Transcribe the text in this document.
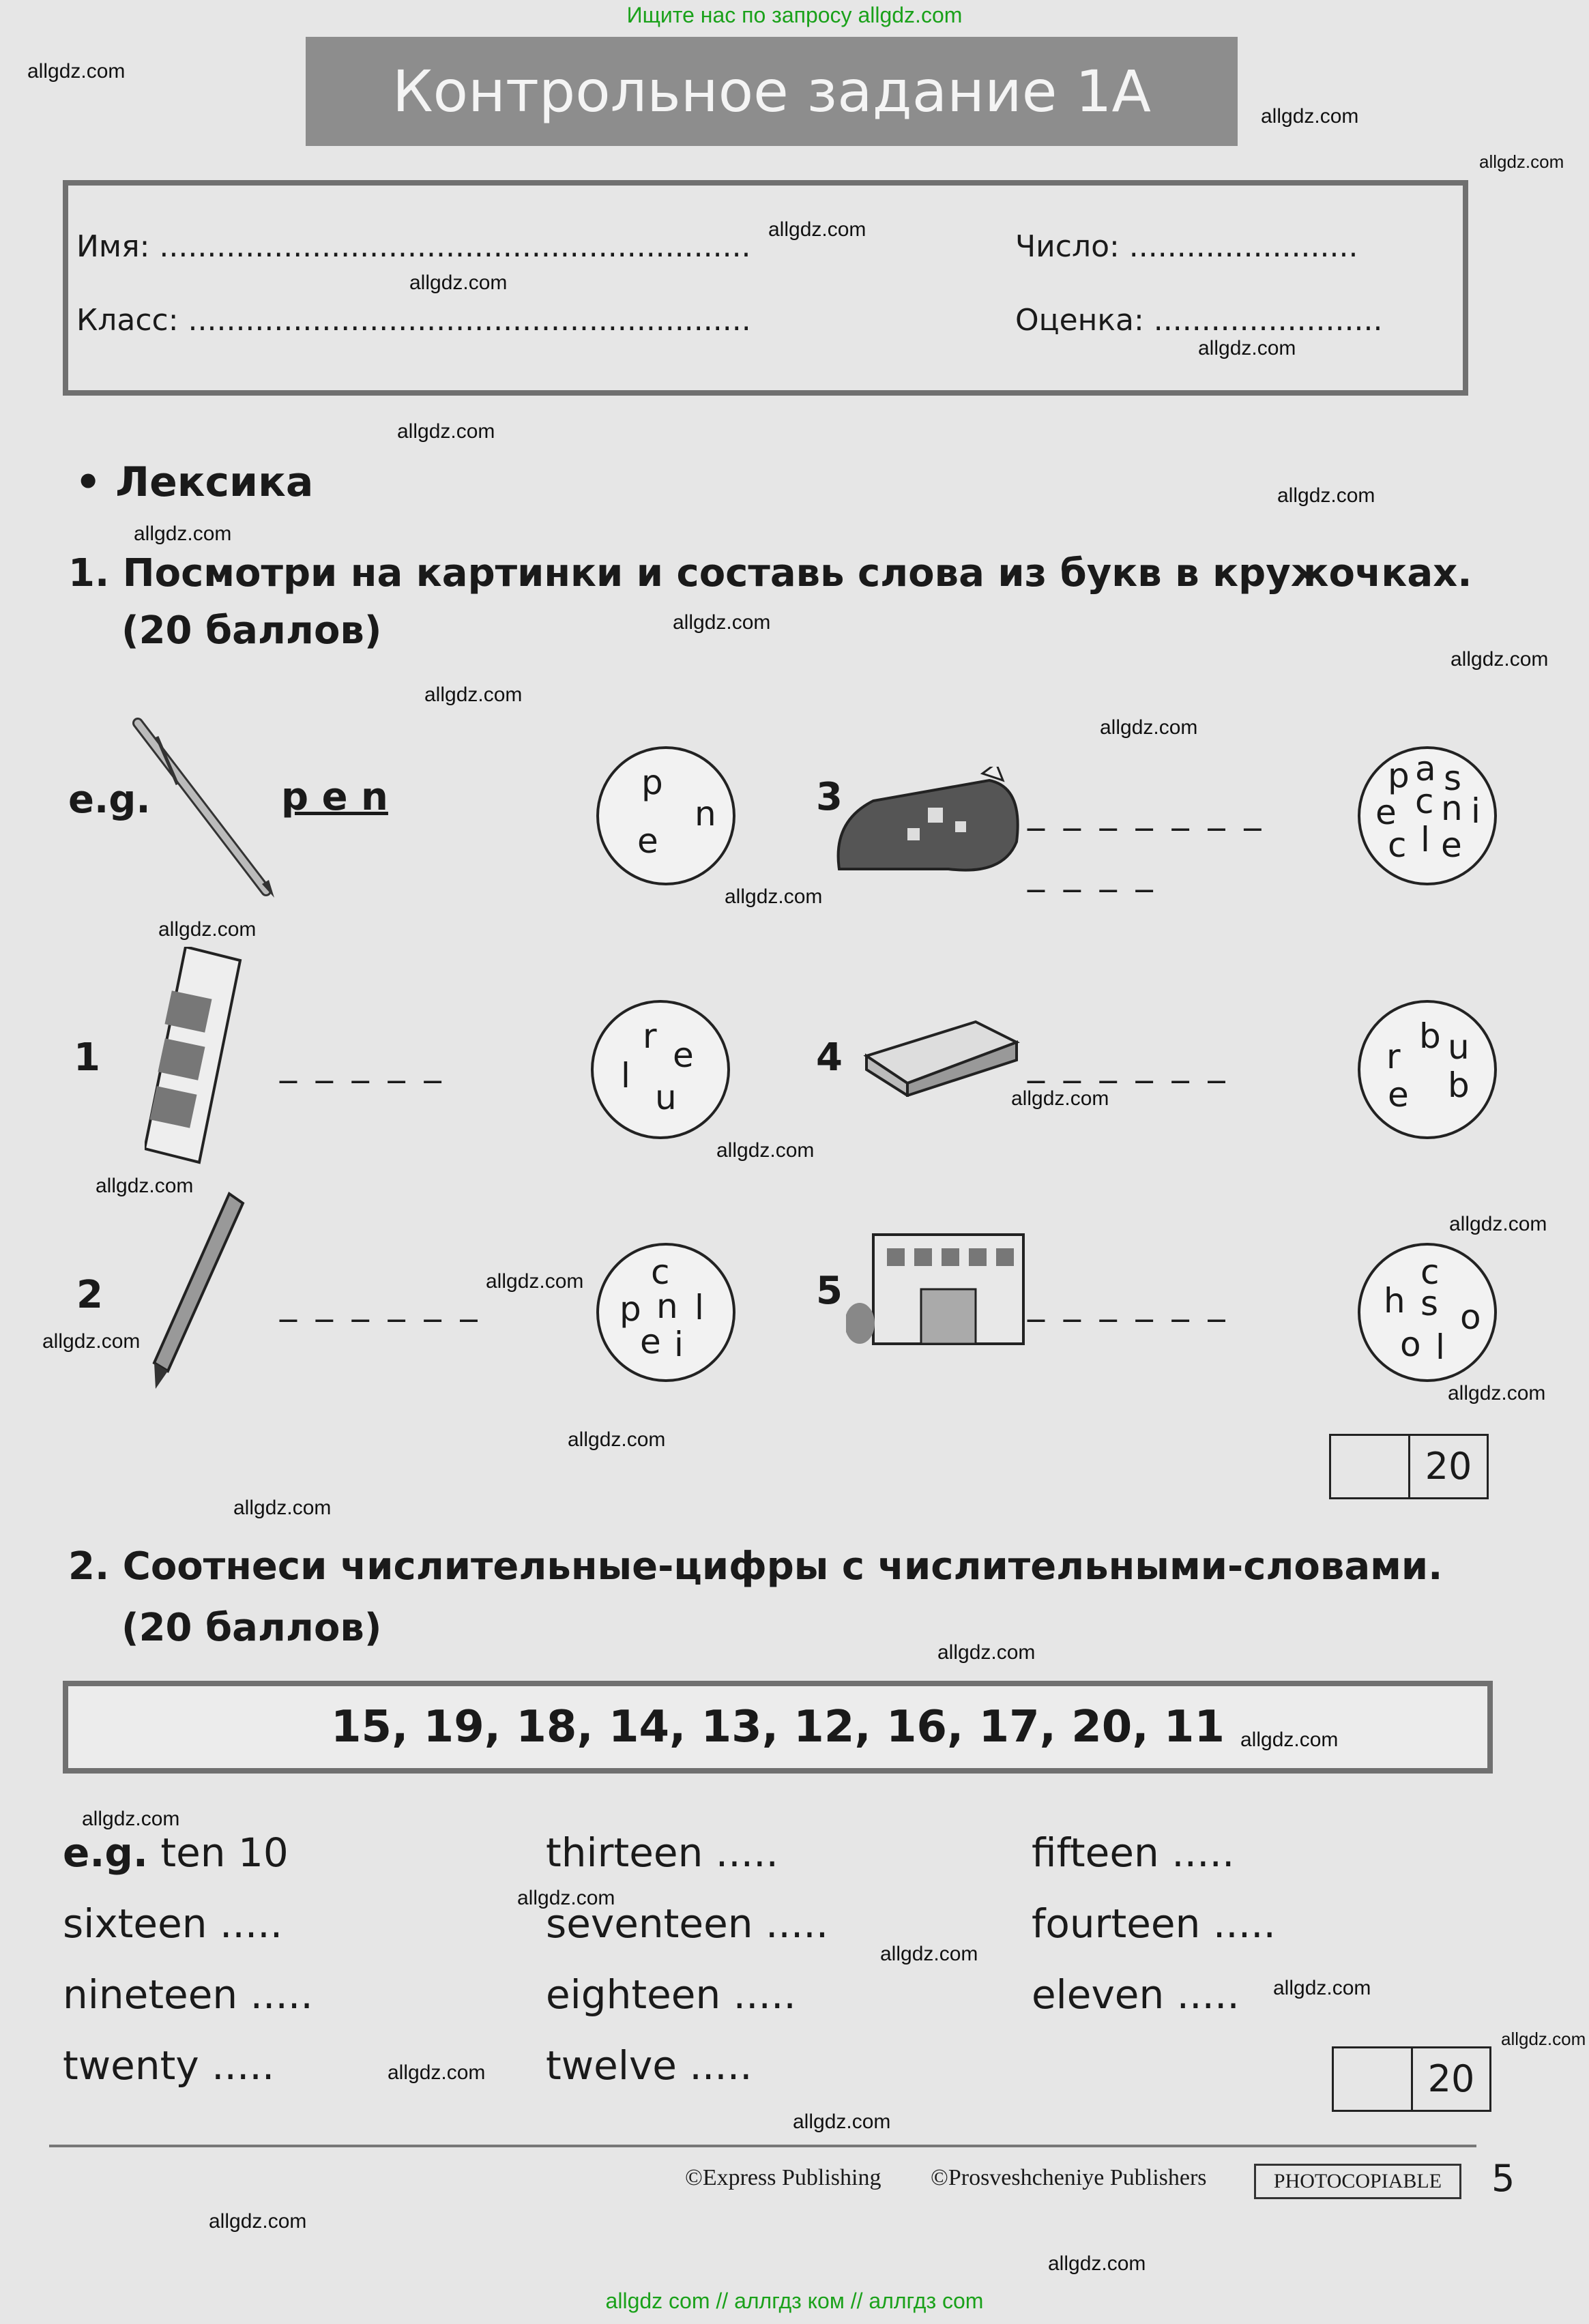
Ищите нас по запросу allgdz.com
Контрольное задание 1А
Имя: ..............................................................	Число: ........................
Класс: ...........................................................	Оценка: ........................
• Лексика
1. Посмотри на картинки и составь слова из букв в кружочках.
(20 баллов)
e.g.	p e n	p
n
e
3	_ _ _ _ _ _ _
_ _ _ _
p a s
e c n i
c l e
1	_ _ _ _ _
r e
l
u
4	_ _ _ _ _ _
b u
r
e b
2	_ _ _ _ _ _
c
p n l
e i
5	_ _ _ _ _ _
c
h s o
o l
20
2. Соотнеси числительные-цифры с числительными-словами.
(20 баллов)
15, 19, 18, 14, 13, 12, 16, 17, 20, 11
e.g. ten 10	thirteen .....	fifteen .....
sixteen .....	seventeen .....	fourteen .....
nineteen .....	eighteen .....	eleven .....
twenty .....	twelve .....	20
©Express Publishing ©Prosveshcheniye Publishers	PHOTOCOPIABLE	5
allgdz.com
allgdz.com
allgdz.com
allgdz.com
allgdz.com
allgdz.com
allgdz.com
allgdz.com
allgdz.com
allgdz.com
allgdz.com
allgdz.com
allgdz.com
allgdz.com
allgdz.com
allgdz.com
allgdz.com
allgdz.com
allgdz.com
allgdz.com
allgdz.com
allgdz.com
allgdz.com
allgdz.com
allgdz.com
allgdz.com
allgdz.com
allgdz.com
allgdz.com
allgdz.com
allgdz.com
allgdz.com
allgdz.com
allgdz.com
allgdz.com
allgdz com // аллгдз ком // аллгдз com
